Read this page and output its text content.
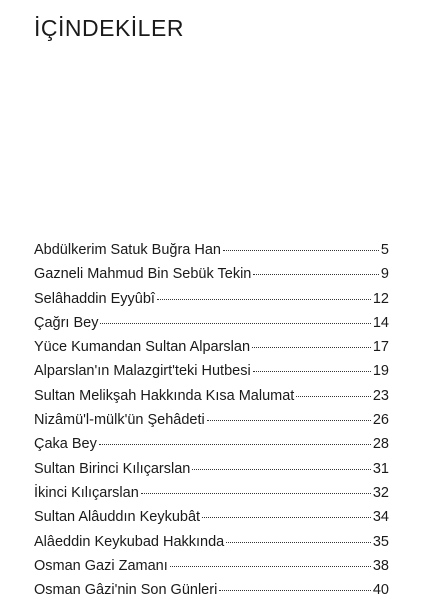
İÇİNDEKİLER
Abdülkerim Satuk Buğra Han	5
Gazneli Mahmud Bin Sebük Tekin	9
Selâhaddin Eyyûbî	12
Çağrı Bey	14
Yüce Kumandan Sultan Alparslan	17
Alparslan'ın Malazgirt'teki Hutbesi	19
Sultan Melikşah Hakkında Kısa Malumat	23
Nizâmü'l-mülk'ün Şehâdeti	26
Çaka Bey	28
Sultan Birinci Kılıçarslan	31
İkinci Kılıçarslan	32
Sultan Alâuddın Keykubât	34
Alâeddin Keykubad Hakkında	35
Osman Gazi Zamanı	38
Osman Gâzi'nin Son Günleri	40
